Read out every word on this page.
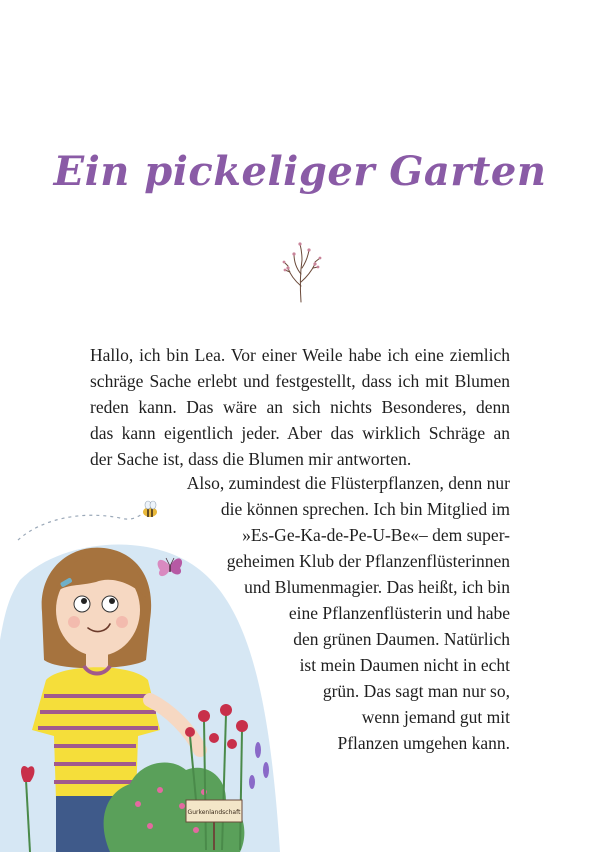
Ein pickeliger Garten
Gurkenlandschaft
Hallo, ich bin Lea. Vor einer Weile habe ich eine ziemlich
schräge Sache erlebt und festgestellt, dass ich mit Blumen
reden kann. Das wäre an sich nichts Besonderes, denn
das kann eigentlich jeder. Aber das wirklich Schräge an
der Sache ist, dass die Blumen mir antworten.
Also, zumindest die Flüsterpflanzen, denn nur
die können sprechen. Ich bin Mitglied im
»Es-Ge-Ka-de-Pe-U-Be«– dem super-
geheimen Klub der Pflanzenflüsterinnen
und Blumenmagier. Das heißt, ich bin
eine Pflanzenflüsterin und habe
den grünen Daumen. Natürlich
ist mein Daumen nicht in echt
grün. Das sagt man nur so,
wenn jemand gut mit
Pflanzen umgehen kann.
